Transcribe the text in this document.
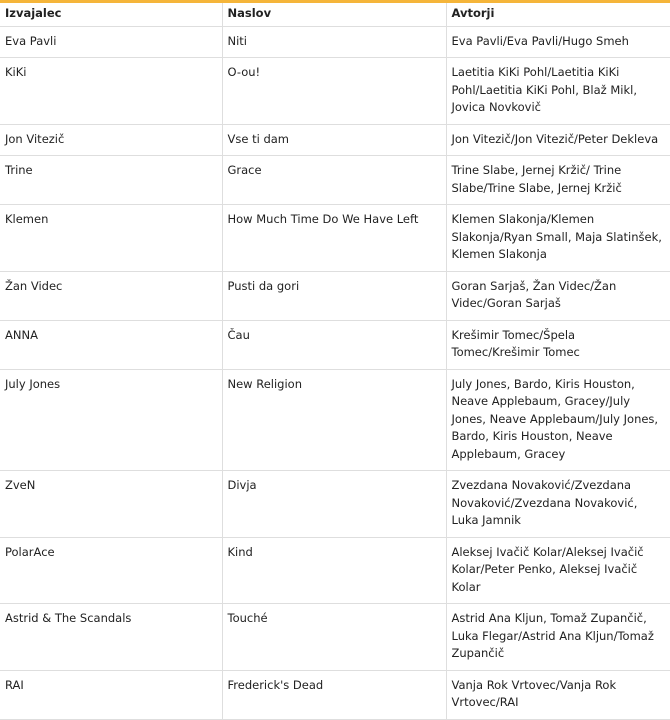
Izvajalec	Naslov	Avtorji
Eva Pavli	Niti	Eva Pavli/Eva Pavli/Hugo Smeh
KiKi	O-ou!	Laetitia KiKi Pohl/Laetitia KiKi Pohl/Laetitia KiKi Pohl, Blaž Mikl, Jovica Novkovič
Jon Vitezič	Vse ti dam	Jon Vitezič/Jon Vitezič/Peter Dekleva
Trine	Grace	Trine Slabe, Jernej Kržič/ Trine Slabe/Trine Slabe, Jernej Kržič
Klemen	How Much Time Do We Have Left	Klemen Slakonja/Klemen Slakonja/Ryan Small, Maja Slatinšek, Klemen Slakonja
Žan Videc	Pusti da gori	Goran Sarjaš, Žan Videc/Žan Videc/Goran Sarjaš
ANNA	Čau	Krešimir Tomec/Špela Tomec/Krešimir Tomec
July Jones	New Religion	July Jones, Bardo, Kiris Houston, Neave Applebaum, Gracey/July Jones, Neave Applebaum/July Jones, Bardo, Kiris Houston, Neave Applebaum, Gracey
ZveN	Divja	Zvezdana Novaković/Zvezdana Novaković/Zvezdana Novaković, Luka Jamnik
PolarAce	Kind	Aleksej Ivačič Kolar/Aleksej Ivačič Kolar/Peter Penko, Aleksej Ivačič Kolar
Astrid & The Scandals	Touché	Astrid Ana Kljun, Tomaž Zupančič, Luka Flegar/Astrid Ana Kljun/Tomaž Zupančič
RAI	Frederick's Dead	Vanja Rok Vrtovec/Vanja Rok Vrtovec/RAI
